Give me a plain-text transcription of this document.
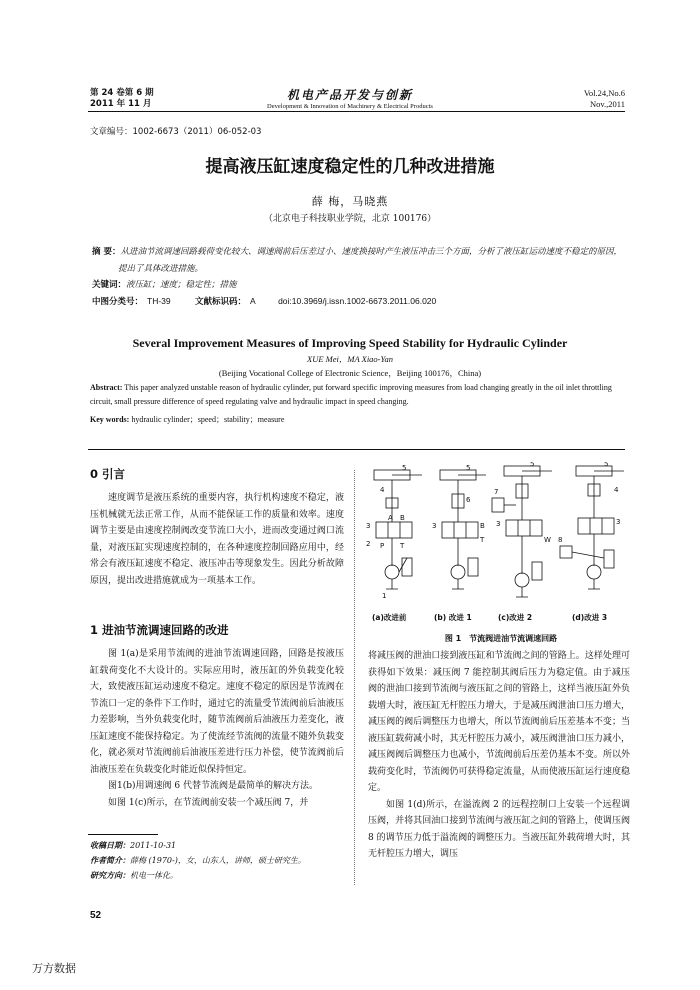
第 24 卷第 6 期
2011 年 11 月
机电产品开发与创新
Development & Innovation of Machinery & Electrical Products
Vol.24,No.6
Nov.,2011
文章编号：1002-6673（2011）06-052-03
提高液压缸速度稳定性的几种改进措施
薛 梅，马晓燕
（北京电子科技职业学院，北京 100176）
摘 要：从进油节流调速回路载荷变化较大、调速阀前后压差过小、速度换接时产生液压冲击三个方面，分析了液压缸运动速度不稳定的原因，提出了具体改进措施。
关键词：液压缸；速度；稳定性；措施
中图分类号： TH-39	文献标识码： A	doi:10.3969/j.issn.1002-6673.2011.06.020
Several Improvement Measures of Improving Speed Stability for Hydraulic Cylinder
XUE Mei，MA Xiao-Yan
(Beijing Vocational College of Electronic Science，Beijing 100176，China)
Abstract: This paper analyzed unstable reason of hydraulic cylinder, put forward specific improving measures from load changing greatly in the oil inlet throttling circuit, small pressure difference of speed regulating valve and hydraulic impact in speed changing.
Key words: hydraulic cylinder；speed；stability；measure
0 引言

速度调节是液压系统的重要内容，执行机构速度不稳定，液压机械就无法正常工作，从而不能保证工作的质量和效率。速度调节主要是由速度控制阀改变节流口大小，进而改变通过阀口流量，对液压缸实现速度控制的，在各种速度控制回路应用中，经常会有液压缸速度不稳定、液压冲击等现象发生。因此分析故障原因，提出改进措施就成为一项基本工作。

1 进油节流调速回路的改进

图 1(a)是采用节流阀的进油节流调速回路，回路是按液压缸载荷变化不大设计的。实际应用时，液压缸的外负载变化较大，致使液压缸运动速度不稳定。速度不稳定的原因是节流阀在节流口一定的条件下工作时，通过它的流量受节流阀前后油液压力差影响，当外负载变化时，随节流阀前后油液压力差变化，液压缸速度不能保持稳定。为了使流经节流阀的流量不随外负载变化，就必须对节流阀前后油液压差进行压力补偿，使节流阀前后油液压差在负载变化时能近似保持恒定。

图1(b)用调速阀 6 代替节流阀是最简单的解决方法。

如图 1(c)所示，在节流阀前安装一个减压阀 7，并

5
4
3
2
1
A B
P T
5
6
3	B
T
5
7
3
W
5
4
3
8
(a)改进前	(b) 改进 1	(c)改进 2	(d)改进 3
图 1　节流阀进油节流调速回路

将减压阀的泄油口接到液压缸和节流阀之间的管路上。这样处理可获得如下效果：减压阀 7 能控制其阀后压力为稳定值。由于减压阀的泄油口接到节流阀与液压缸之间的管路上，这样当液压缸外负载增大时，液压缸无杆腔压力增大，于是减压阀泄油口压力增大，减压阀的阀后调整压力也增大，所以节流阀前后压差基本不变；当液压缸载荷减小时，其无杆腔压力减小，减压阀泄油口压力减小，减压阀阀后调整压力也减小，节流阀前后压差仍基本不变。所以外载荷变化时，节流阀仍可获得稳定流量，从而使液压缸运行速度稳定。

如图 1(d)所示，在溢流阀 2 的远程控制口上安装一个远程调压阀，并将其回油口接到节流阀与液压缸之间的管路上，使调压阀 8 的调节压力低于溢流阀的调整压力。当液压缸外载荷增大时，其无杆腔压力增大，调压

收稿日期：2011-10-31
作者简介：薛梅 (1970-)，女，山东人，讲师，硕士研究生。
研究方向：机电一体化。
52
万方数据
